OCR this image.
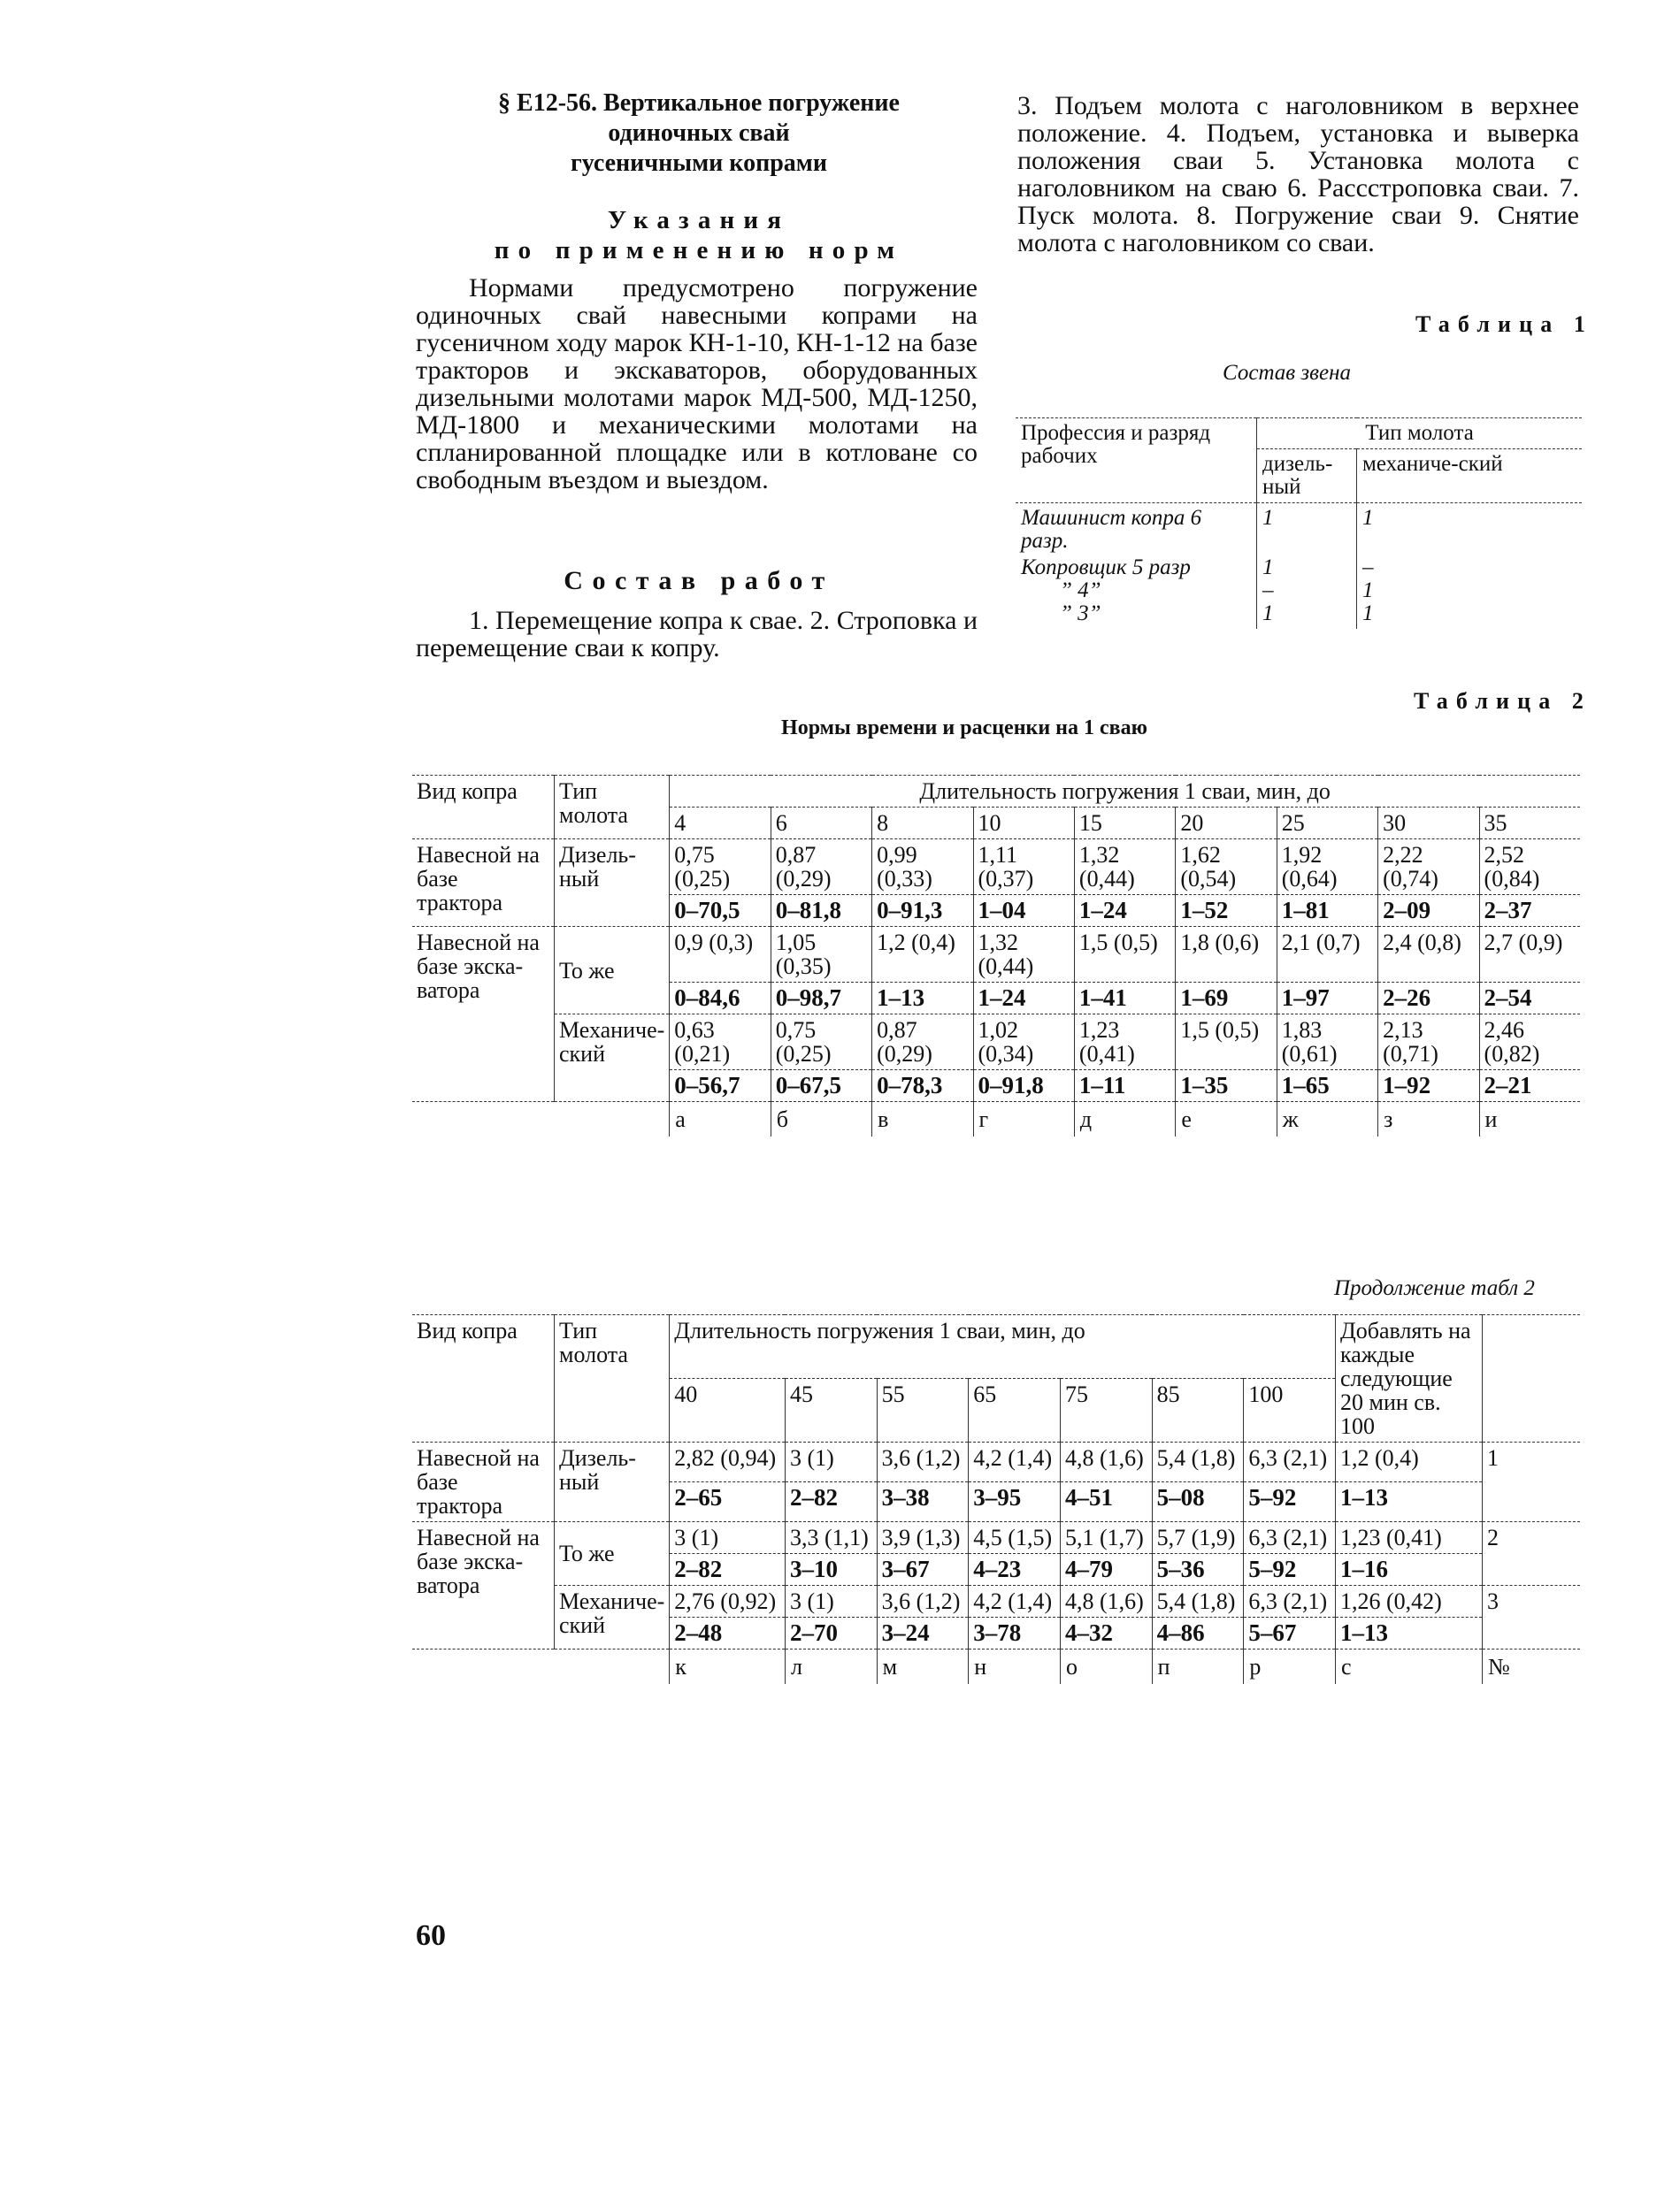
§ Е12-56. Вертикальное погружение
одиночных свай
гусеничными копрами
Указания
по применению норм

Нормами предусмотрено погружение одиночных свай навесными копрами на гусеничном ходу марок КН-1-10, КН-1-12 на базе тракторов и экскаваторов, оборудованных дизельными молотами марок МД-500, МД-1250, МД-1800 и механическими молотами на спланированной площадке или в котловане со свободным въездом и выездом.

Состав работ

1. Перемещение копра к свае. 2. Строповка и перемещение сваи к копру.

3. Подъем молота с наголовником в верхнее положение. 4. Подъем, установка и выверка положения сваи 5. Установка молота с наголовником на сваю 6. Рассстроповка сваи. 7. Пуск молота. 8. Погружение сваи 9. Снятие молота с наголовником со сваи.

Таблица 1
Состав звена
Профессия и разряд рабочих	Тип молота	
	дизель-ный	механиче-ский
Машинист копра 6 разр.	1	1
Копровщик 5 разр	1	–
” 4”	–	1
” 3”	1	1
Таблица 2
Нормы времени и расценки на 1 сваю
Вид копра	Тип молота	Длительность погружения 1 сваи, мин, до								
		4	6	8	10	15	20	25	30	35
Навесной на базе трактора	Дизель-ный	0,75 (0,25)	0,87 (0,29)	0,99 (0,33)	1,11 (0,37)	1,32 (0,44)	1,62 (0,54)	1,92 (0,64)	2,22 (0,74)	2,52 (0,84)
		0–70,5	0–81,8	0–91,3	1–04	1–24	1–52	1–81	2–09	2–37
Навесной на базе экска-ватора	То же	0,9 (0,3)	1,05 (0,35)	1,2 (0,4)	1,32 (0,44)	1,5 (0,5)	1,8 (0,6)	2,1 (0,7)	2,4 (0,8)	2,7 (0,9)
		0–84,6	0–98,7	1–13	1–24	1–41	1–69	1–97	2–26	2–54
	Механиче-ский	0,63 (0,21)	0,75 (0,25)	0,87 (0,29)	1,02 (0,34)	1,23 (0,41)	1,5 (0,5)	1,83 (0,61)	2,13 (0,71)	2,46 (0,82)
		0–56,7	0–67,5	0–78,3	0–91,8	1–11	1–35	1–65	1–92	2–21
		а	б	в	г	д	е	ж	з	и
Продолжение табл 2
Вид копра	Тип молота	Длительность погружения 1 сваи, мин, до							Добавлять на каждые следующие 20 мин св. 100	
		40	45	55	65	75	85	100		
Навесной на базе трактора	Дизель-ный	2,82 (0,94)	3 (1)	3,6 (1,2)	4,2 (1,4)	4,8 (1,6)	5,4 (1,8)	6,3 (2,1)	1,2 (0,4)	1
		2–65	2–82	3–38	3–95	4–51	5–08	5–92	1–13	
Навесной на базе экска-ватора	То же	3 (1)	3,3 (1,1)	3,9 (1,3)	4,5 (1,5)	5,1 (1,7)	5,7 (1,9)	6,3 (2,1)	1,23 (0,41)	2
		2–82	3–10	3–67	4–23	4–79	5–36	5–92	1–16	
	Механиче-ский	2,76 (0,92)	3 (1)	3,6 (1,2)	4,2 (1,4)	4,8 (1,6)	5,4 (1,8)	6,3 (2,1)	1,26 (0,42)	3
		2–48	2–70	3–24	3–78	4–32	4–86	5–67	1–13	
		к	л	м	н	о	п	р	с	№
60
